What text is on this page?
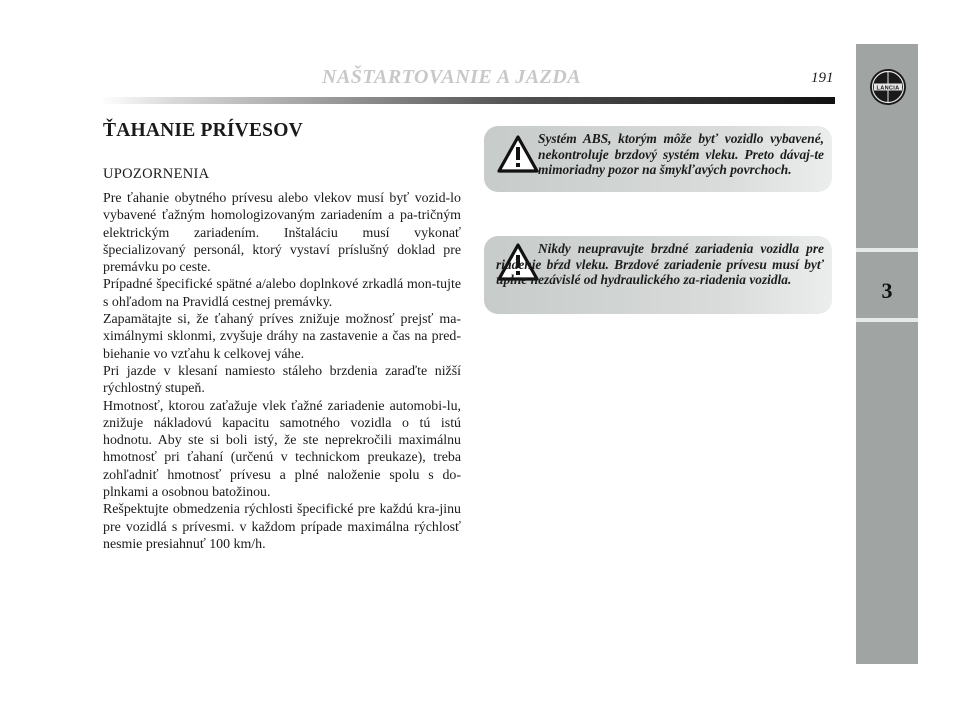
NAŠTARTOVANIE A JAZDA	191
LANCIA
3
ŤAHANIE PRÍVESOV
UPOZORNENIA

Pre ťahanie obytného prívesu alebo vlekov musí byť vozid-lo vybavené ťažným homologizovaným zariadením a pa-tričným elektrickým zariadením. Inštaláciu musí vykonať špecializovaný personál, ktorý vystaví príslušný doklad pre premávku po ceste.

Prípadné špecifické spätné a/alebo doplnkové zrkadlá mon-tujte s ohľadom na Pravidlá cestnej premávky.

Zapamätajte si, že ťahaný príves znižuje možnosť prejsť ma-ximálnymi sklonmi, zvyšuje dráhy na zastavenie a čas na pred-biehanie vo vzťahu k celkovej váhe.

Pri jazde v klesaní namiesto stáleho brzdenia zaraďte nižší rýchlostný stupeň.

Hmotnosť, ktorou zaťažuje vlek ťažné zariadenie automobi-lu, znižuje nákladovú kapacitu samotného vozidla o tú istú hodnotu. Aby ste si boli istý, že ste neprekročili maximálnu hmotnosť pri ťahaní (určenú v technickom preukaze), treba zohľadniť hmotnosť prívesu a plné naloženie spolu s do-plnkami a osobnou batožinou.

Rešpektujte obmedzenia rýchlosti špecifické pre každú kra-jinu pre vozidlá s prívesmi. v každom prípade maximálna rýchlosť nesmie presiahnuť 100 km/h.

Systém ABS, ktorým môže byť vozidlo vybavené, nekontroluje brzdový systém vleku. Preto dávaj-te mimoriadny pozor na šmykľavých povrchoch.
Nikdy neupravujte brzdné zariadenia vozidla pre riadenie bŕzd vleku. Brzdové zariadenie prívesu musí byť úplne nezávislé od hydraulického za-riadenia vozidla.
